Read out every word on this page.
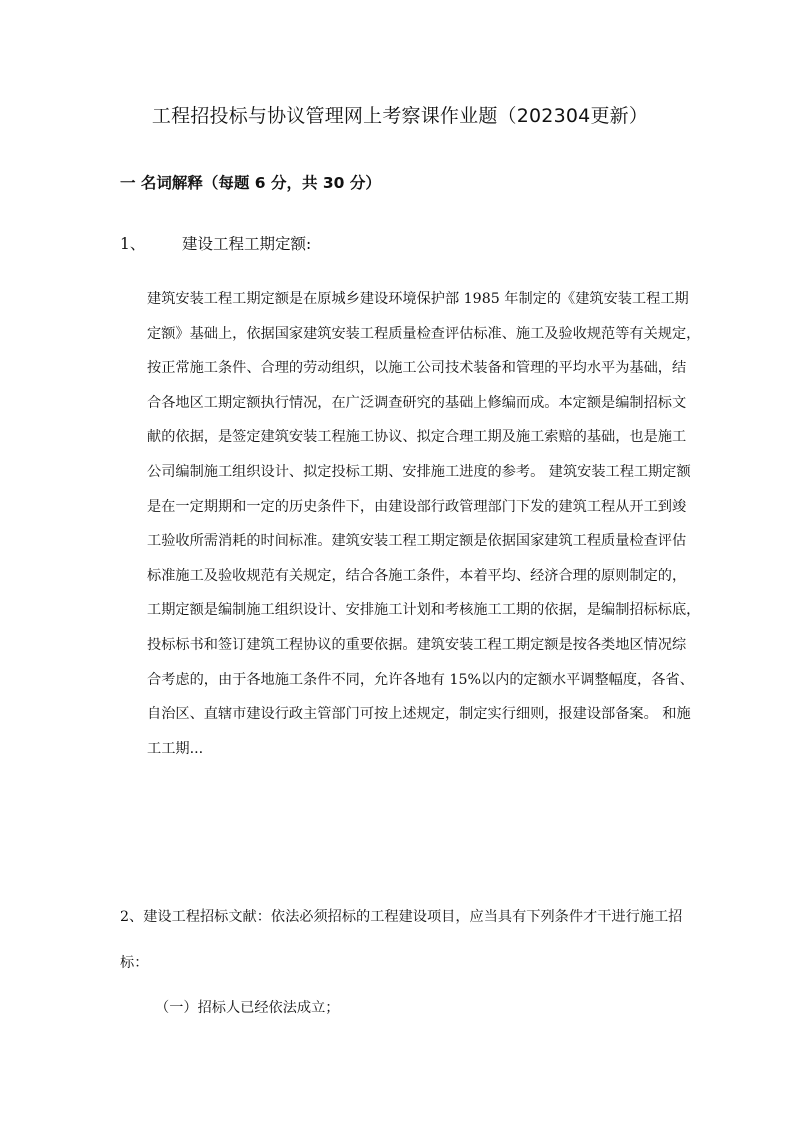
工程招投标与协议管理网上考察课作业题（202304更新）
一 名词解释（每题 6 分，共 30 分）
1、 建设工程工期定额:
建筑安装工程工期定额是在原城乡建设环境保护部 1985 年制定的《建筑安装工程工期
定额》基础上，依据国家建筑安装工程质量检查评估标准、施工及验收规范等有关规定，
按正常施工条件、合理的劳动组织，以施工公司技术装备和管理的平均水平为基础，结
合各地区工期定额执行情况，在广泛调查研究的基础上修编而成。本定额是编制招标文
献的依据，是签定建筑安装工程施工协议、拟定合理工期及施工索赔的基础，也是施工
公司编制施工组织设计、拟定投标工期、安排施工进度的参考。 建筑安装工程工期定额
是在一定期期和一定的历史条件下，由建设部行政管理部门下发的建筑工程从开工到竣
工验收所需消耗的时间标准。建筑安装工程工期定额是依据国家建筑工程质量检查评估
标准施工及验收规范有关规定，结合各施工条件，本着平均、经济合理的原则制定的，
工期定额是编制施工组织设计、安排施工计划和考核施工工期的依据，是编制招标标底，
投标标书和签订建筑工程协议的重要依据。建筑安装工程工期定额是按各类地区情况综
合考虑的，由于各地施工条件不同，允许各地有 15%以内的定额水平调整幅度，各省、
自治区、直辖市建设行政主管部门可按上述规定，制定实行细则，报建设部备案。 和施
工工期...
2、建设工程招标文献：依法必须招标的工程建设项目，应当具有下列条件才干进行施工招
标：
（一）招标人已经依法成立；
